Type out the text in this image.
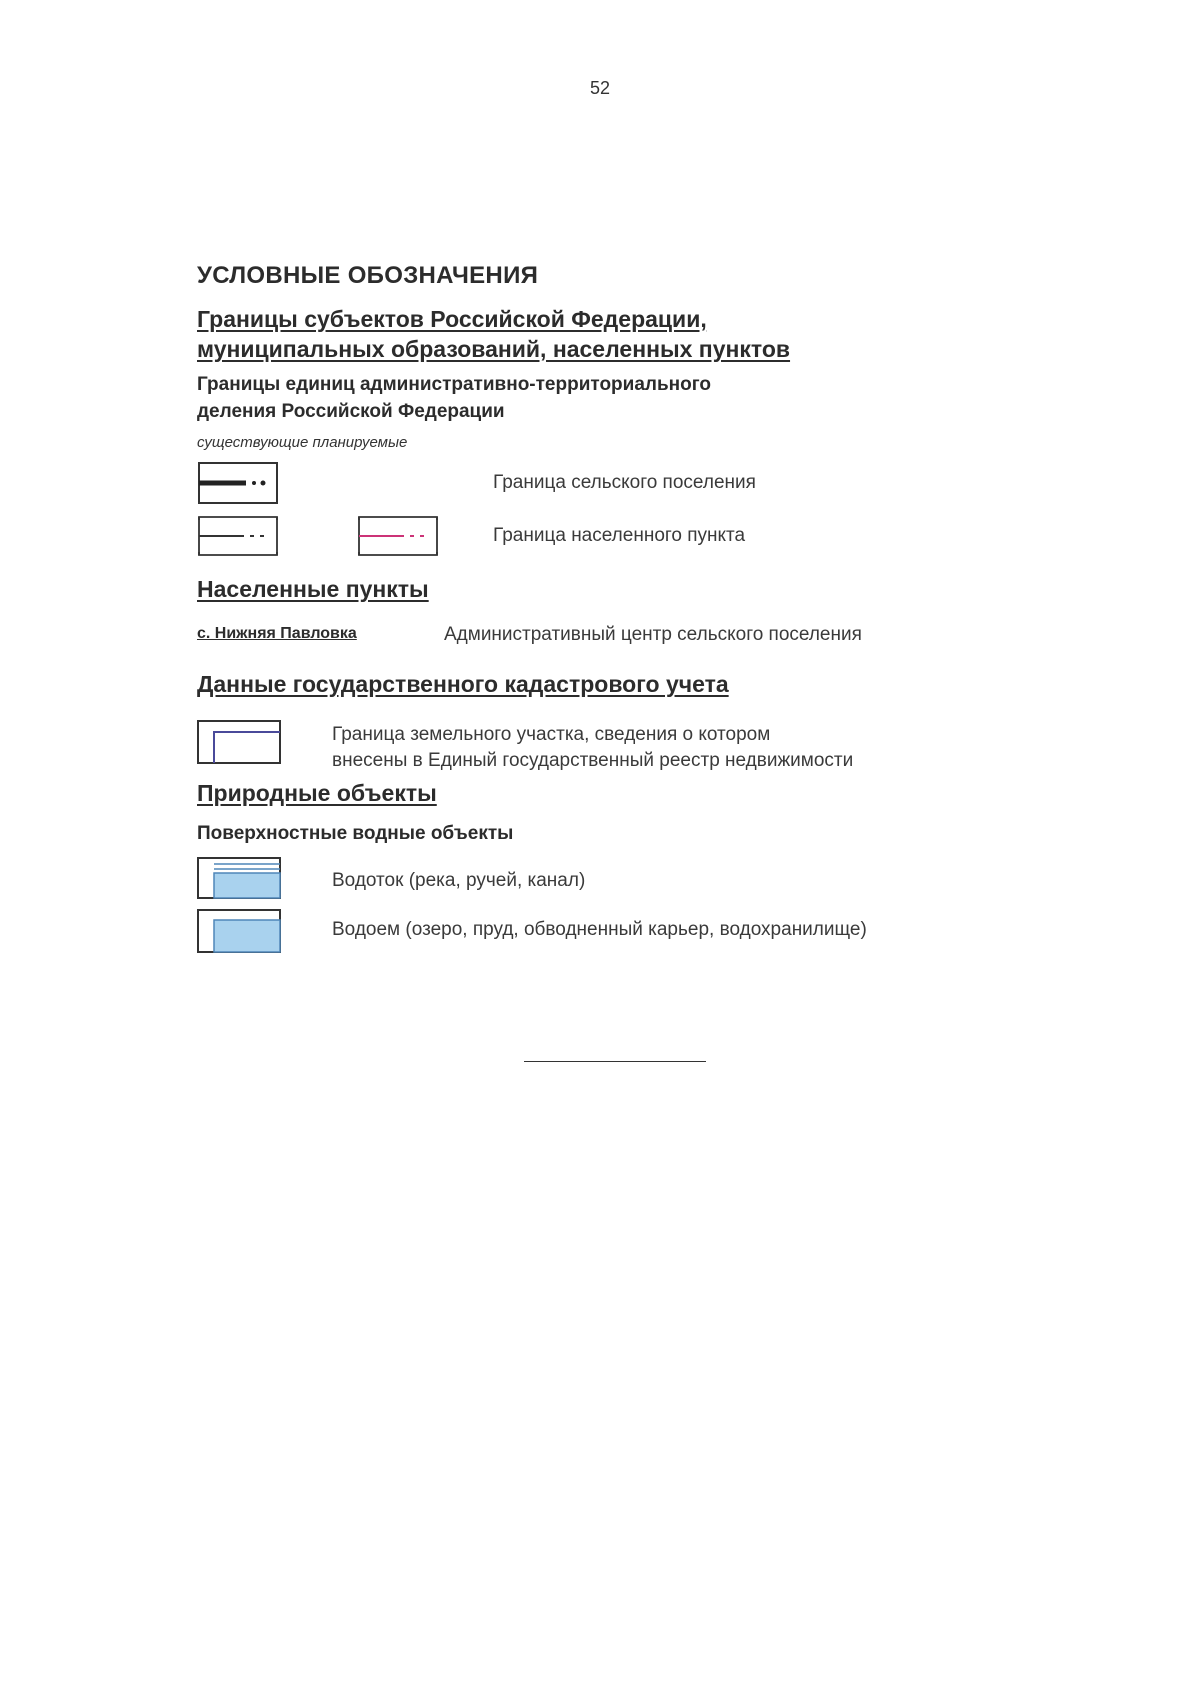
52
УСЛОВНЫЕ ОБОЗНАЧЕНИЯ
Границы субъектов Российской Федерации,
муниципальных образований, населенных пунктов
Границы единиц административно-территориального
деления Российской Федерации
существующие планируемые
Граница сельского поселения
Граница населенного пункта
Населенные пункты
с. Нижняя Павловка	Административный центр сельского поселения
Данные государственного кадастрового учета
Граница земельного участка, сведения о котором
внесены в Единый государственный реестр недвижимости
Природные объекты
Поверхностные водные объекты
Водоток (река, ручей, канал)
Водоем (озеро, пруд, обводненный карьер, водохранилище)
